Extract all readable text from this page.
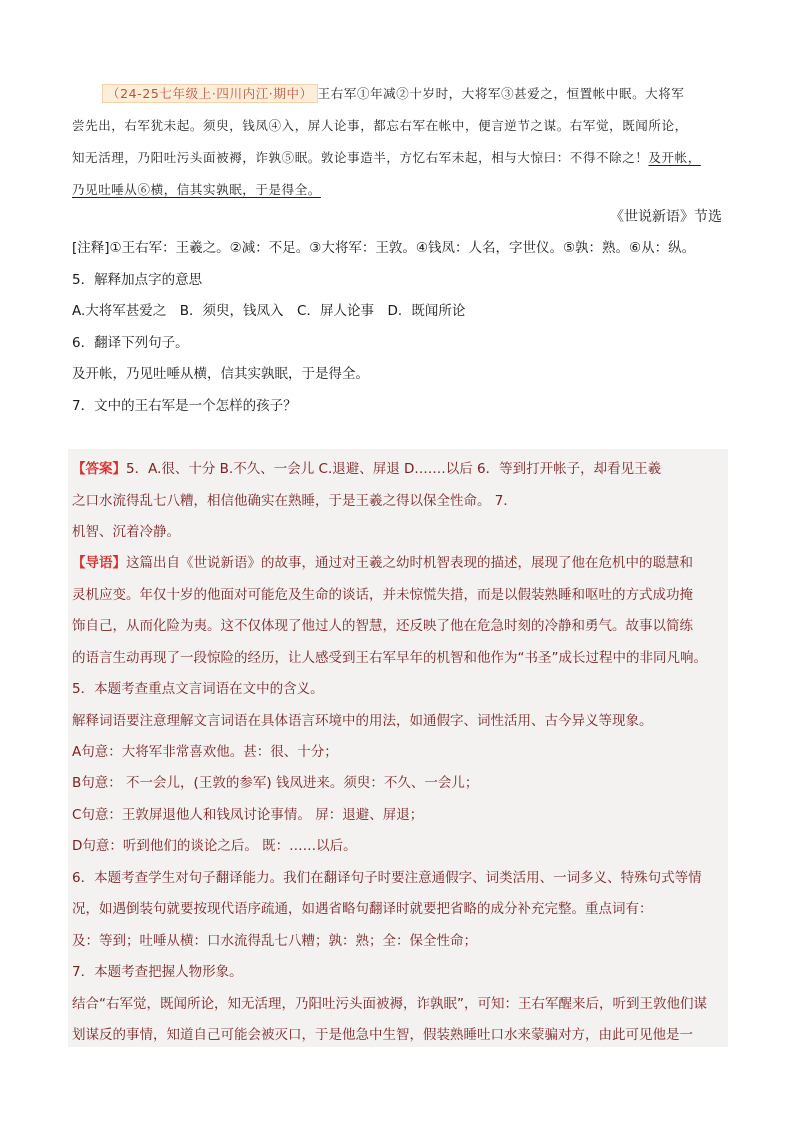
（24-25七年级上·四川内江·期中） 王右军①年减②十岁时，大将军③甚爱之，恒置帐中眠。大将军
尝先出，右军犹未起。须臾，钱凤④入，屏人论事，都忘右军在帐中，便言逆节之谋。右军觉，既闻所论，
知无活理，乃阳吐污头面被褥，诈孰⑤眠。敦论事造半，方忆右军未起，相与大惊曰：不得不除之！及开帐，
乃见吐唾从⑥横，信其实孰眠，于是得全。
《世说新语》节选
[注释]①王右军：王羲之。②减：不足。③大将军：王敦。④钱凤：人名，字世仪。⑤孰：熟。⑥从：纵。
5．解释加点字的意思
A.大将军甚爱之　B．须臾，钱凤入　C．屏人论事　D．既闻所论
6．翻译下列句子。
及开帐，乃见吐唾从横，信其实孰眠，于是得全。
7．文中的王右军是一个怎样的孩子？
【答案】5．A.很、十分 B.不久、一会儿 C.退避、屏退 D.……以后 6．等到打开帐子，却看见王羲
之口水流得乱七八糟，相信他确实在熟睡，于是王羲之得以保全性命。 7．
机智、沉着冷静。
【导语】这篇出自《世说新语》的故事，通过对王羲之幼时机智表现的描述，展现了他在危机中的聪慧和
灵机应变。年仅十岁的他面对可能危及生命的谈话，并未惊慌失措，而是以假装熟睡和呕吐的方式成功掩
饰自己，从而化险为夷。这不仅体现了他过人的智慧，还反映了他在危急时刻的冷静和勇气。故事以简练
的语言生动再现了一段惊险的经历，让人感受到王右军早年的机智和他作为“书圣”成长过程中的非同凡响。
5．本题考查重点文言词语在文中的含义。
解释词语要注意理解文言词语在具体语言环境中的用法，如通假字、词性活用、古今异义等现象。
A句意：大将军非常喜欢他。甚：很、十分；
B句意： 不一会儿，(王敦的参军) 钱凤进来。须臾：不久、一会儿；
C句意：王敦屏退他人和钱凤讨论事情。 屏：退避、屏退；
D句意：听到他们的谈论之后。 既：……以后。
6．本题考查学生对句子翻译能力。我们在翻译句子时要注意通假字、词类活用、一词多义、特殊句式等情
况，如遇倒装句就要按现代语序疏通，如遇省略句翻译时就要把省略的成分补充完整。重点词有：
及：等到；吐唾从横：口水流得乱七八糟；孰：熟；全：保全性命；
7．本题考查把握人物形象。
结合“右军觉，既闻所论，知无活理，乃阳吐污头面被褥，诈孰眠”，可知：王右军醒来后，听到王敦他们谋
划谋反的事情，知道自己可能会被灭口，于是他急中生智，假装熟睡吐口水来蒙骗对方，由此可见他是一
